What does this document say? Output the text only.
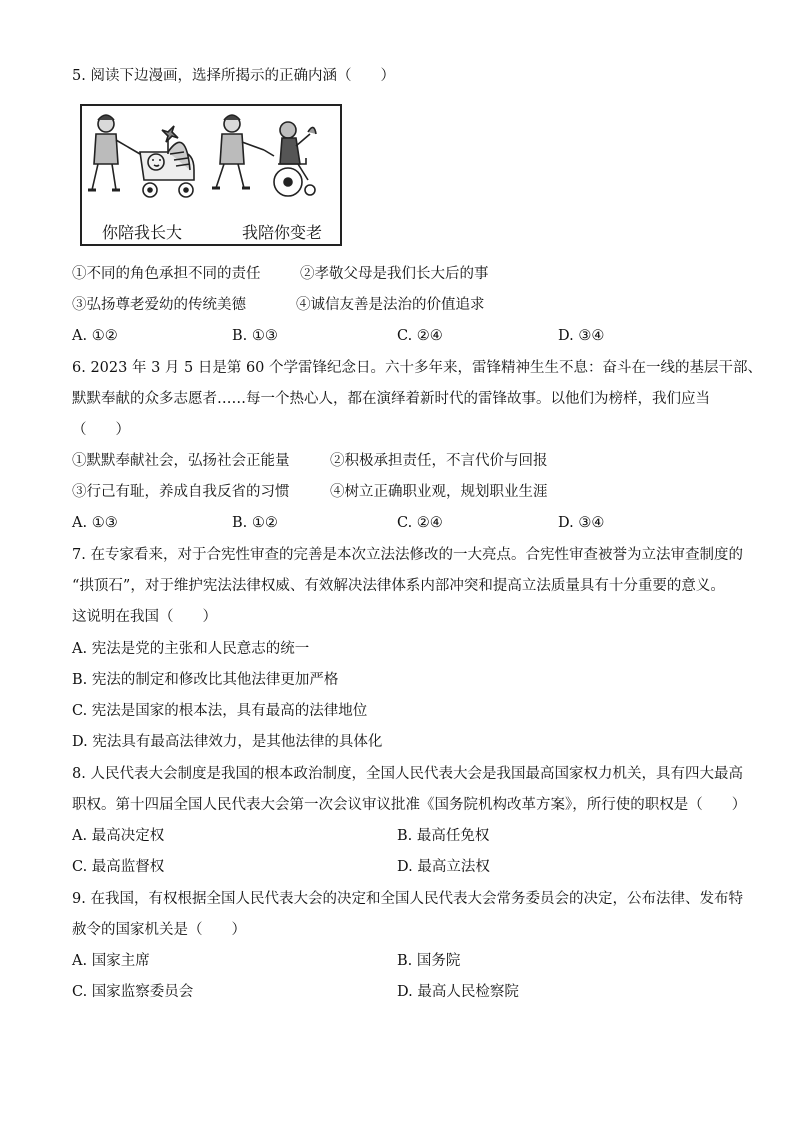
5. 阅读下边漫画，选择所揭示的正确内涵（　　）
你陪我长大	我陪你变老
①不同的角色承担不同的责任	②孝敬父母是我们长大后的事
③弘扬尊老爱幼的传统美德	④诚信友善是法治的价值追求
A. ①②	B. ①③	C. ②④	D. ③④
6. 2023 年 3 月 5 日是第 60 个学雷锋纪念日。六十多年来，雷锋精神生生不息：奋斗在一线的基层干部、
默默奉献的众多志愿者……每一个热心人，都在演绎着新时代的雷锋故事。以他们为榜样，我们应当
（　　）
①默默奉献社会，弘扬社会正能量	②积极承担责任，不言代价与回报
③行己有耻，养成自我反省的习惯	④树立正确职业观，规划职业生涯
A. ①③	B. ①②	C. ②④	D. ③④
7. 在专家看来，对于合宪性审查的完善是本次立法法修改的一大亮点。合宪性审查被誉为立法审查制度的
“拱顶石”，对于维护宪法法律权威、有效解决法律体系内部冲突和提高立法质量具有十分重要的意义。
这说明在我国（　　）
A. 宪法是党的主张和人民意志的统一
B. 宪法的制定和修改比其他法律更加严格
C. 宪法是国家的根本法，具有最高的法律地位
D. 宪法具有最高法律效力，是其他法律的具体化
8. 人民代表大会制度是我国的根本政治制度，全国人民代表大会是我国最高国家权力机关，具有四大最高
职权。第十四届全国人民代表大会第一次会议审议批准《国务院机构改革方案》，所行使的职权是（　　）
A. 最高决定权	B. 最高任免权
C. 最高监督权	D. 最高立法权
9. 在我国，有权根据全国人民代表大会的决定和全国人民代表大会常务委员会的决定，公布法律、发布特
赦令的国家机关是（　　）
A. 国家主席	B. 国务院
C. 国家监察委员会	D. 最高人民检察院
